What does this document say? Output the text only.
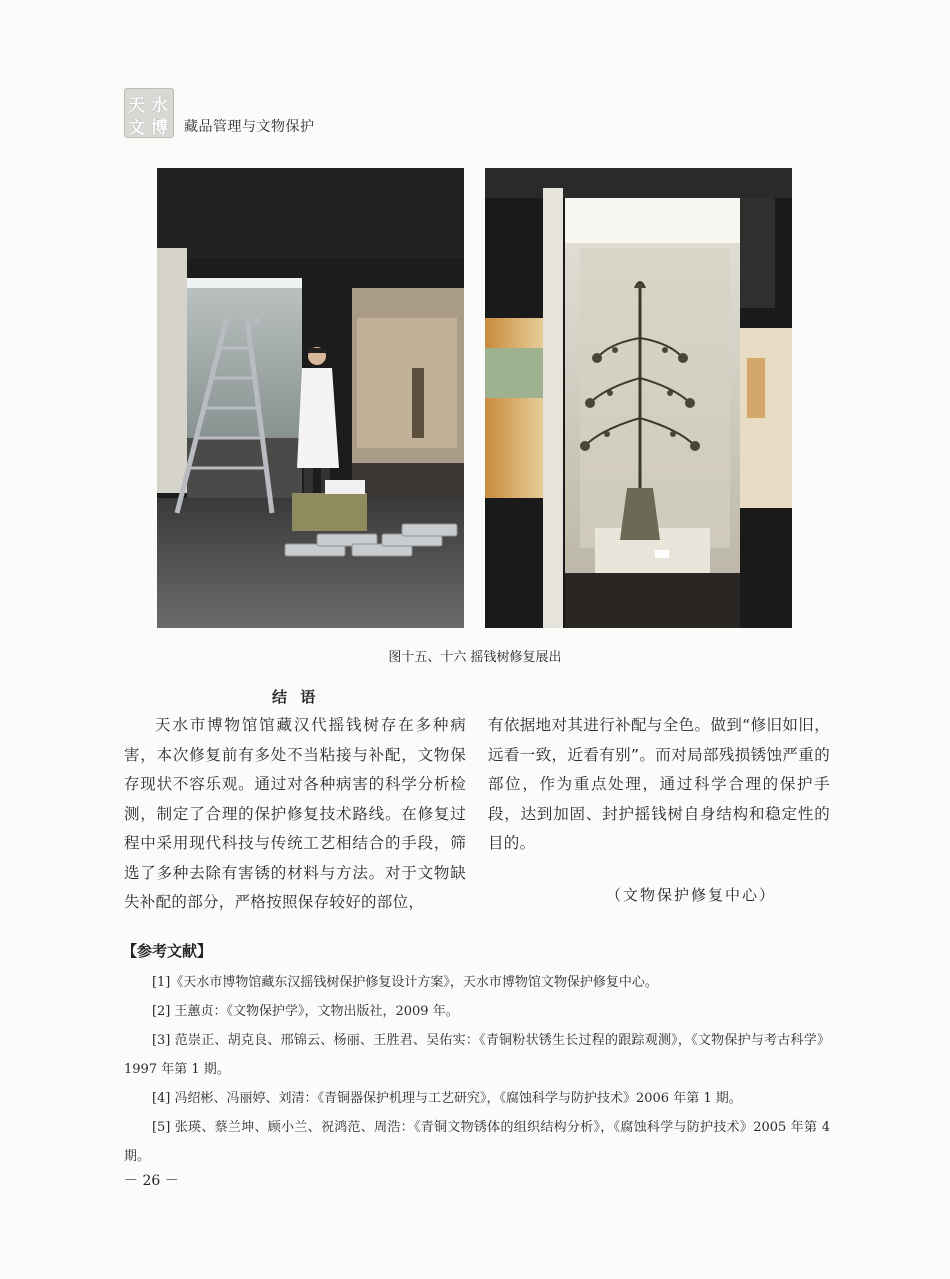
天 水
文 博 藏品管理与文物保护
图十五、十六 摇钱树修复展出
结 语
天水市博物馆馆藏汉代摇钱树存在多种病害，本次修复前有多处不当粘接与补配，文物保存现状不容乐观。通过对各种病害的科学分析检测，制定了合理的保护修复技术路线。在修复过程中采用现代科技与传统工艺相结合的手段，筛选了多种去除有害锈的材料与方法。对于文物缺失补配的部分，严格按照保存较好的部位，
有依据地对其进行补配与全色。做到“修旧如旧，远看一致，近看有别”。而对局部残损锈蚀严重的部位，作为重点处理，通过科学合理的保护手段，达到加固、封护摇钱树自身结构和稳定性的目的。
（文物保护修复中心）
【参考文献】
[1]《天水市博物馆藏东汉摇钱树保护修复设计方案》，天水市博物馆文物保护修复中心。
[2] 王蕙贞：《文物保护学》，文物出版社，2009 年。
[3] 范崇正、胡克良、邢锦云、杨丽、王胜君、吴佑实：《青铜粉状锈生长过程的跟踪观测》，《文物保护与考古科学》1997 年第 1 期。
[4] 冯绍彬、冯丽婷、刘清：《青铜器保护机理与工艺研究》，《腐蚀科学与防护技术》2006 年第 1 期。
[5] 张瑛、蔡兰坤、顾小兰、祝鸿范、周浩：《青铜文物锈体的组织结构分析》，《腐蚀科学与防护技术》2005 年第 4 期。
－ 26 －
